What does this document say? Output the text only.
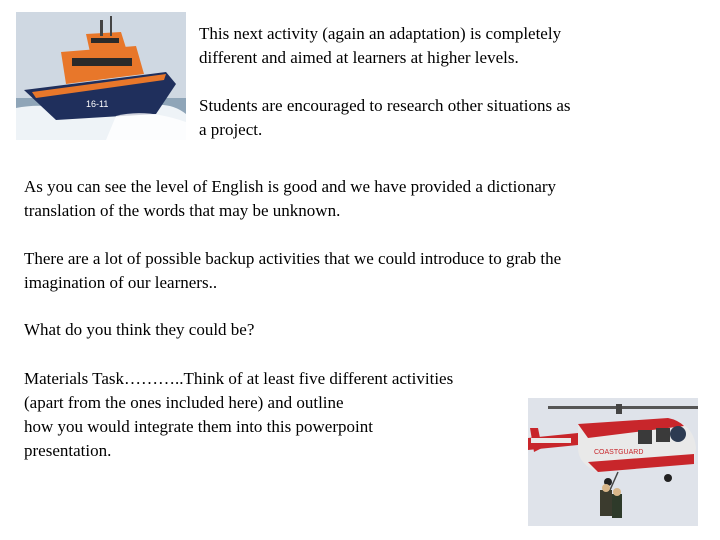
16-11

This next activity (again an adaptation) is completely
different and aimed at learners at higher levels.

Students are encouraged to research other situations as
a project.

As you can see the level of English is good and we have provided a dictionary
translation of the words that may be unknown.

There are a lot of possible backup activities that we could introduce to grab the
imagination of our learners..

What do you think they could be?

Materials Task………..Think of at least five different activities
(apart from the ones included here) and outline
how you would integrate them into this powerpoint
presentation.	COASTGUARD
